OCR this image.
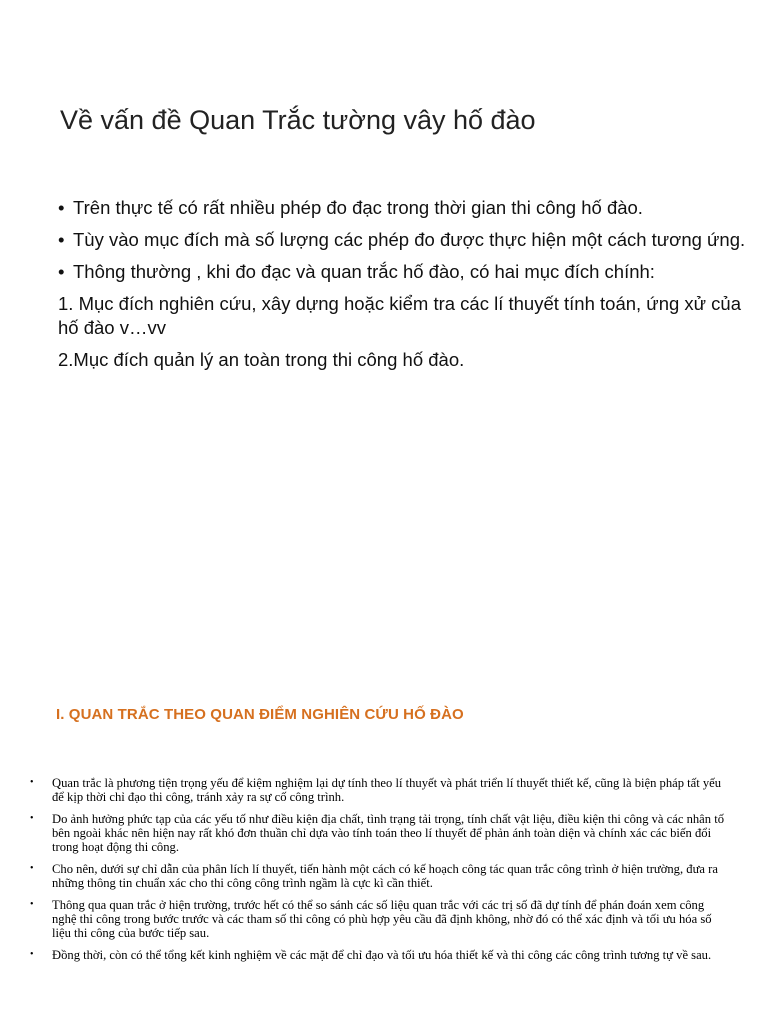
Về vấn đề Quan Trắc tường vây hố đào
• Trên thực tế có rất nhiều phép đo đạc trong thời gian thi công hố đào.
• Tùy vào mục đích mà số lượng các phép đo được thực hiện một cách tương ứng.
• Thông thường , khi đo đạc và quan trắc hố đào, có hai mục đích chính:
1. Mục đích nghiên cứu, xây dựng hoặc kiểm tra các lí thuyết tính toán, ứng xử của hố đào v…vv
2.Mục đích quản lý an toàn trong thi công hố đào.
I. QUAN TRẮC THEO QUAN ĐIỂM NGHIÊN CỨU HỐ ĐÀO
• Quan trắc là phương tiện trọng yếu để kiệm nghiệm lại dự tính theo lí thuyết và phát triển lí thuyết thiết kế, cũng là biện pháp tất yếu để kịp thời chỉ đạo thi công, tránh xảy ra sự cố công trình.
• Do ảnh hưởng phức tạp của các yếu tố như điều kiện địa chất, tình trạng tải trọng, tính chất vật liệu, điều kiện thi công và các nhân tố bên ngoài khác nên hiện nay rất khó đơn thuần chỉ dựa vào tính toán theo lí thuyết để phản ánh toàn diện và chính xác các biến đổi trong hoạt động thi công.
• Cho nên, dưới sự chỉ dẫn của phân lích lí thuyết, tiến hành một cách có kế hoạch công tác quan trắc công trình ở hiện trường, đưa ra những thông tin chuẩn xác cho thi công công trình ngầm là cực kì cần thiết.
• Thông qua quan trắc ở hiện trường, trước hết có thể so sánh các số liệu quan trắc với các trị số đã dự tính để phán đoán xem công nghệ thi công trong bước trước và các tham số thi công có phù hợp yêu cầu đã định không, nhờ đó có thể xác định và tối ưu hóa số liệu thi công của bước tiếp sau.
• Đồng thời, còn có thể tổng kết kinh nghiệm về các mặt để chỉ đạo và tối ưu hóa thiết kế và thi công các công trình tương tự về sau.
